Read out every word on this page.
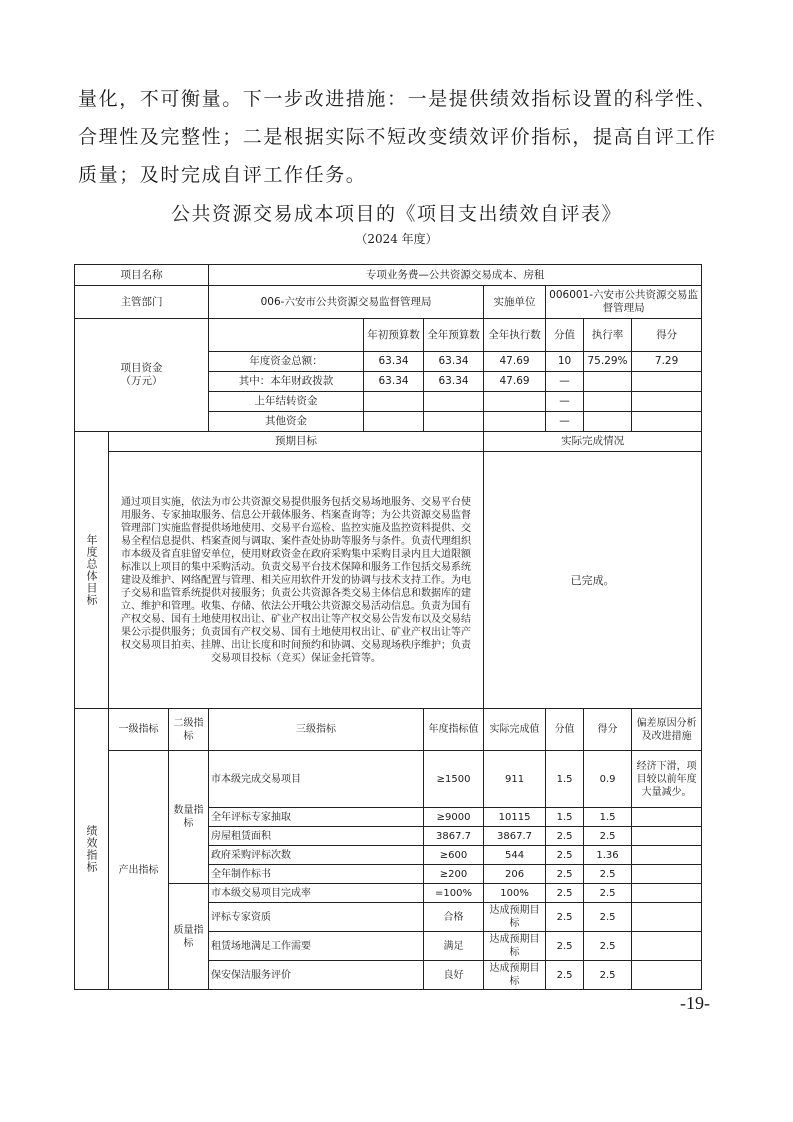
量化，不可衡量。下一步改进措施：一是提供绩效指标设置的科学性、合理性及完整性；二是根据实际不短改变绩效评价指标，提高自评工作质量；及时完成自评工作任务。

公共资源交易成本项目的《项目支出绩效自评表》

（2024 年度）

项目名称			专项业务费—公共资源交易成本、房租						
主管部门			006-六安市公共资源交易监督管理局			实施单位	006001-六安市公共资源交易监督管理局		
项目资金
（万元）				年初预算数	全年预算数	全年执行数	分值	执行率	得分
			年度资金总额：	63.34	63.34	47.69	10	75.29%	7.29
			其中：本年财政拨款	63.34	63.34	47.69	—		
			上年结转资金				—		
			其他资金				—		
年度总体目标	预期目标					实际完成情况			
	通过项目实施，依法为市公共资源交易提供服务包括交易场地服务、交易平台使用服务、专家抽取服务、信息公开载体服务、档案查询等；为公共资源交易监督管理部门实施监督提供场地使用、交易平台巡检、监控实施及监控资料提供、交易全程信息提供、档案查阅与调取、案件查处协助等服务与条件。负责代理组织市本级及省直驻留安单位，使用财政资金在政府采购集中采购目录内且大道限额标准以上项目的集中采购活动。负责交易平台技术保障和服务工作包括交易系统建设及维护、网络配置与管理、相关应用软件开发的协调与技术支持工作。为电子交易和监管系统提供对接服务；负责公共资源各类交易主体信息和数据库的建立、维护和管理。收集、存储、依法公开哦公共资源交易活动信息。负责为国有产权交易、国有土地使用权出让、矿业产权出让等产权交易公告发布以及交易结果公示提供服务；负责国有产权交易、国有土地使用权出让、矿业产权出让等产权交易项目拍卖、挂牌、出让长度和时间预约和协调、交易现场秩序维护；负责交易项目投标（竞买）保证金托管等。					已完成。			
绩效指标	一级指标	二级指标	三级指标		年度指标值	实际完成值	分值	得分	偏差原因分析及改进措施
	产出指标	数量指标	市本级完成交易项目		≥1500	911	1.5	0.9	经济下滑，项目较以前年度大量减少。
			全年评标专家抽取		≥9000	10115	1.5	1.5	
			房屋租赁面积		3867.7	3867.7	2.5	2.5	
			政府采购评标次数		≥600	544	2.5	1.36	
			全年制作标书		≥200	206	2.5	2.5	
		质量指标	市本级交易项目完成率		=100%	100%	2.5	2.5	
			评标专家资质		合格	达成预期目标	2.5	2.5	
			租赁场地满足工作需要		满足	达成预期目标	2.5	2.5	
			保安保洁服务评价		良好	达成预期目标	2.5	2.5	
-19-
